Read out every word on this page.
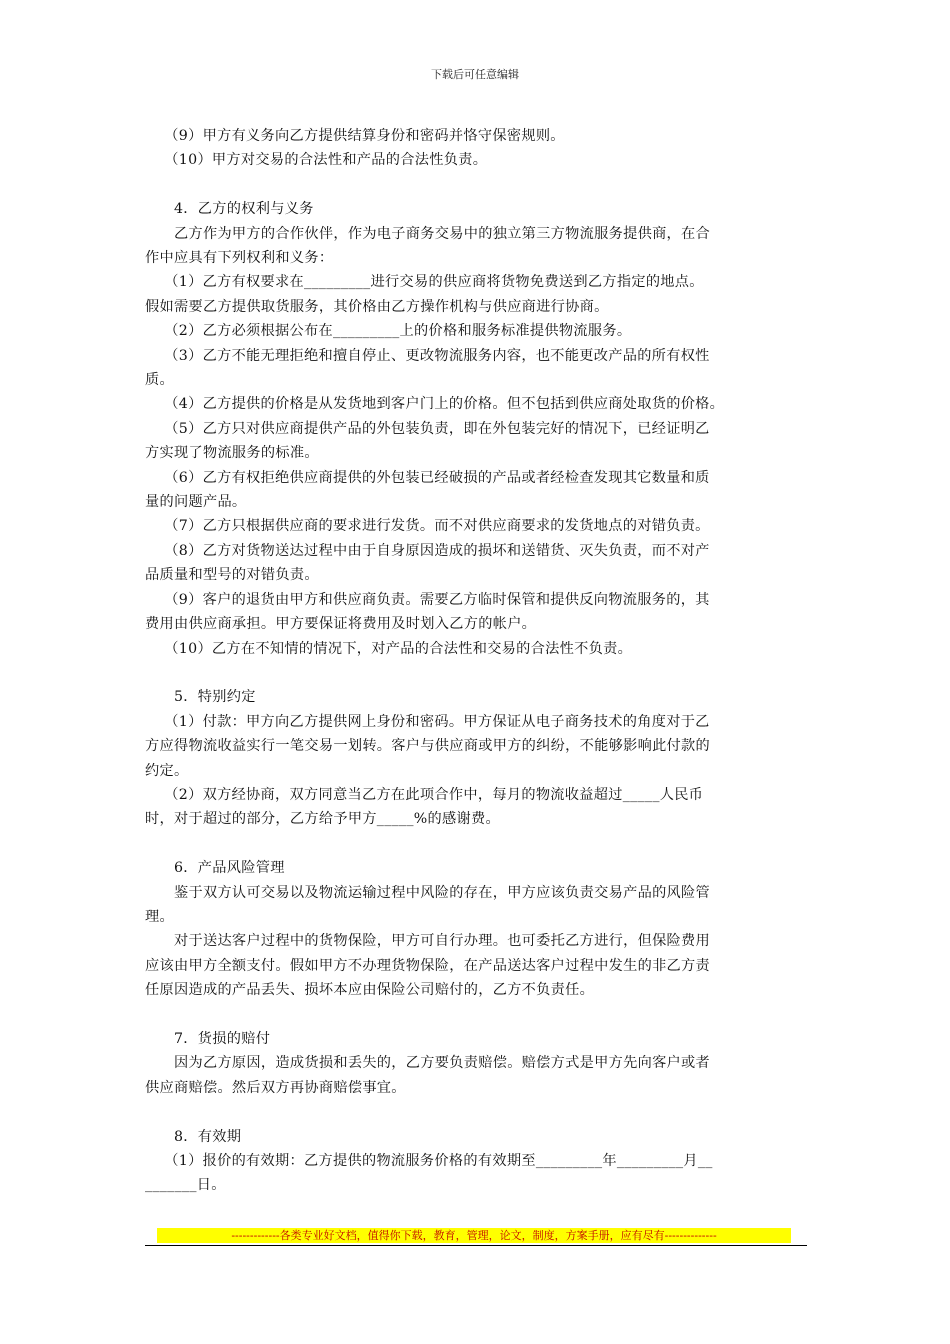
下载后可任意编辑
　 （9）甲方有义务向乙方提供结算身份和密码并恪守保密规则。
　 （10）甲方对交易的合法性和产品的合法性负责。
　　4．乙方的权利与义务
　　乙方作为甲方的合作伙伴，作为电子商务交易中的独立第三方物流服务提供商，在合
作中应具有下列权利和义务：
　 （1）乙方有权要求在_________进行交易的供应商将货物免费送到乙方指定的地点。
假如需要乙方提供取货服务，其价格由乙方操作机构与供应商进行协商。
　 （2）乙方必须根据公布在_________上的价格和服务标准提供物流服务。
　 （3）乙方不能无理拒绝和擅自停止、更改物流服务内容，也不能更改产品的所有权性
质。
　 （4）乙方提供的价格是从发货地到客户门上的价格。但不包括到供应商处取货的价格。
　 （5）乙方只对供应商提供产品的外包装负责，即在外包装完好的情况下，已经证明乙
方实现了物流服务的标准。
　 （6）乙方有权拒绝供应商提供的外包装已经破损的产品或者经检查发现其它数量和质
量的问题产品。
　 （7）乙方只根据供应商的要求进行发货。而不对供应商要求的发货地点的对错负责。
　 （8）乙方对货物送达过程中由于自身原因造成的损坏和送错货、灭失负责，而不对产
品质量和型号的对错负责。
　 （9）客户的退货由甲方和供应商负责。需要乙方临时保管和提供反向物流服务的，其
费用由供应商承担。甲方要保证将费用及时划入乙方的帐户。
　 （10）乙方在不知情的情况下，对产品的合法性和交易的合法性不负责。
　　5．特别约定
　 （1）付款：甲方向乙方提供网上身份和密码。甲方保证从电子商务技术的角度对于乙
方应得物流收益实行一笔交易一划转。客户与供应商或甲方的纠纷，不能够影响此付款的
约定。
　 （2）双方经协商，双方同意当乙方在此项合作中，每月的物流收益超过_____人民币
时，对于超过的部分，乙方给予甲方_____%的感谢费。
　　6．产品风险管理
　　鉴于双方认可交易以及物流运输过程中风险的存在，甲方应该负责交易产品的风险管
理。
　　对于送达客户过程中的货物保险，甲方可自行办理。也可委托乙方进行，但保险费用
应该由甲方全额支付。假如甲方不办理货物保险，在产品送达客户过程中发生的非乙方责
任原因造成的产品丢失、损坏本应由保险公司赔付的，乙方不负责任。
　　7．货损的赔付
　　因为乙方原因，造成货损和丢失的，乙方要负责赔偿。赔偿方式是甲方先向客户或者
供应商赔偿。然后双方再协商赔偿事宜。
　　8．有效期
　 （1）报价的有效期：乙方提供的物流服务价格的有效期至_________年_________月__
_______日。
-------------各类专业好文档，值得你下载，教育，管理，论文，制度，方案手册，应有尽有--------------
